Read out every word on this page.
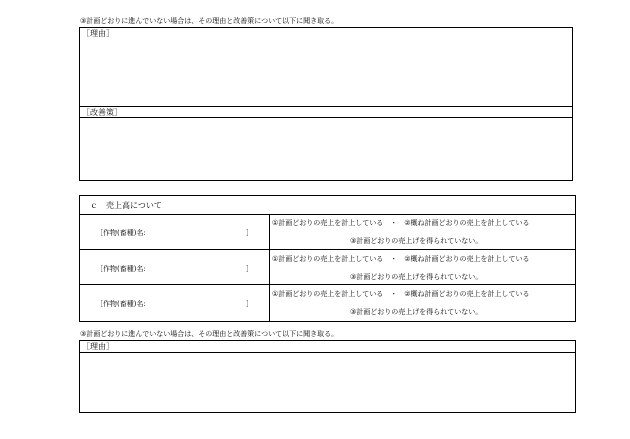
③計画どおりに進んでいない場合は、その理由と改善策について以下に聞き取る。
［理由］
［改善策］
ｃ　売上高について
［作物(畜種)名:	］
①計画どおりの売上を計上している　・　②概ね計画どおりの売上を計上している
③計画どおりの売上げを得られていない。
［作物(畜種)名:	］
①計画どおりの売上を計上している　・　②概ね計画どおりの売上を計上している
③計画どおりの売上げを得られていない。
［作物(畜種)名:	］
①計画どおりの売上を計上している　・　②概ね計画どおりの売上を計上している
③計画どおりの売上げを得られていない。
③計画どおりに進んでいない場合は、その理由と改善策について以下に聞き取る。
［理由］
